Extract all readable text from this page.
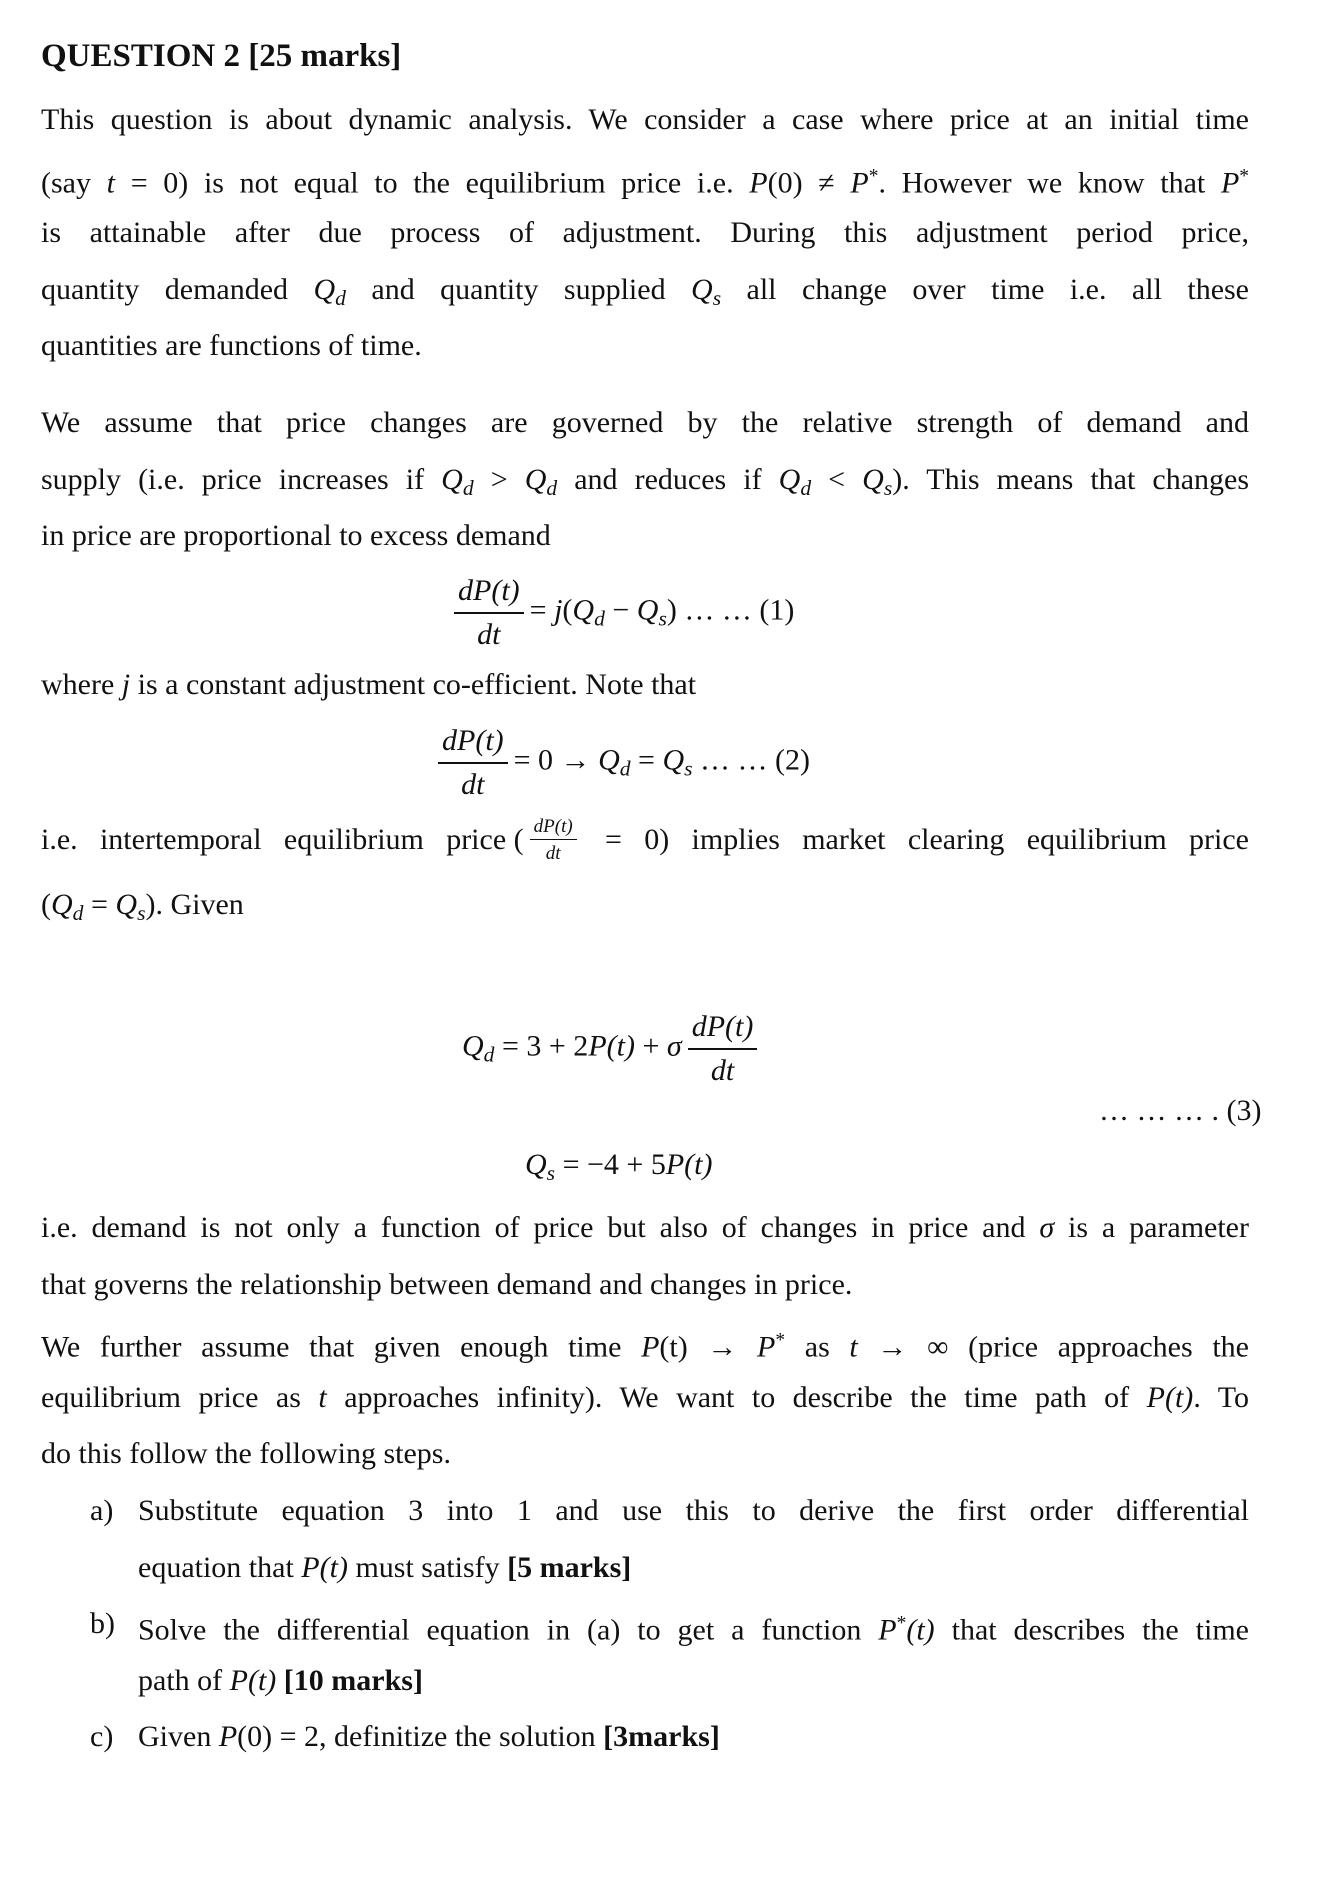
QUESTION 2 [25 marks]
This question is about dynamic analysis. We consider a case where price at an initial time
(say t = 0) is not equal to the equilibrium price i.e. P(0) ≠ P*. However we know that P*
is attainable after due process of adjustment. During this adjustment period price,
quantity demanded $Q_d$ and quantity supplied $Q_s$ all change over time i.e. all these
quantities are functions of time.
We assume that price changes are governed by the relative strength of demand and
supply (i.e. price increases if $Q_d > Q_d$ and reduces if $Q_d < Q_s$). This means that changes
in price are proportional to excess demand
$\frac{dP(t)}{dt} = j(Q_d - Q_s)$ … … (1)
where j is a constant adjustment co-efficient. Note that
$\frac{dP(t)}{dt} = 0 \to Q_d = Q_s$ … … (2)
i.e. intertemporal equilibrium price ( $\frac{dP(t)}{dt} = 0$) implies market clearing equilibrium price
$(Q_d = Q_s)$. Given
$Q_d = 3 + 2P(t) + \sigma \frac{dP(t)}{dt}$
… … … . (3)
$Q_s = -4 + 5P(t)$
i.e. demand is not only a function of price but also of changes in price and σ is a parameter
that governs the relationship between demand and changes in price.
We further assume that given enough time P(t) → P* as t → ∞ (price approaches the
equilibrium price as t approaches infinity). We want to describe the time path of P(t). To
do this follow the following steps.
a) Substitute equation 3 into 1 and use this to derive the first order differential
equation that P(t) must satisfy [5 marks]
b) Solve the differential equation in (a) to get a function P*(t) that describes the time
path of P(t) [10 marks]
c) Given P(0) = 2, definitize the solution [3marks]
